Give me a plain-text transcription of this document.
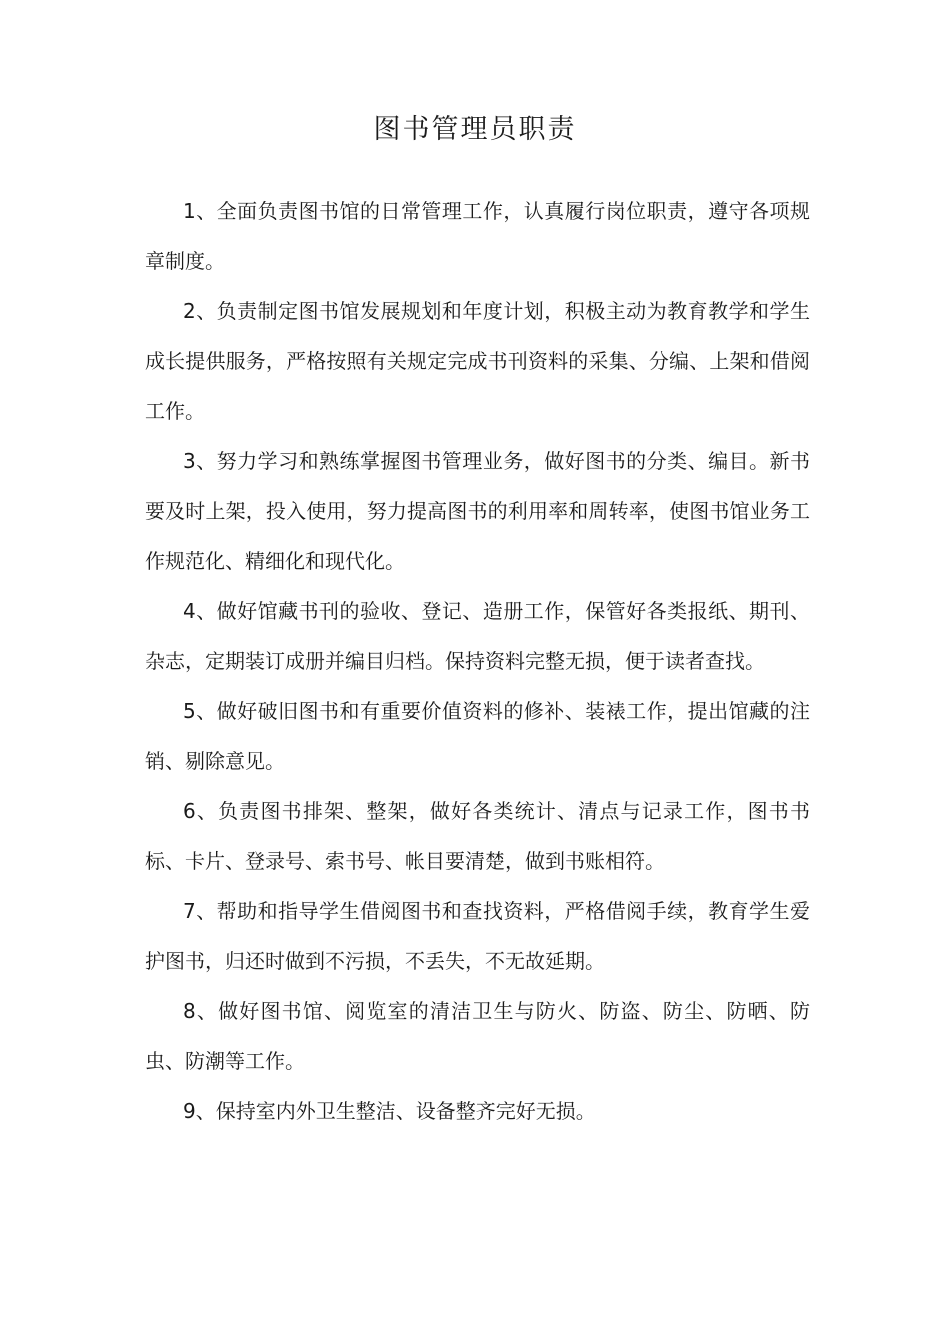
图书管理员职责
1、全面负责图书馆的日常管理工作，认真履行岗位职责，遵守各项规章制度。
2、负责制定图书馆发展规划和年度计划，积极主动为教育教学和学生成长提供服务，严格按照有关规定完成书刊资料的采集、分编、上架和借阅工作。
3、努力学习和熟练掌握图书管理业务，做好图书的分类、编目。新书要及时上架，投入使用，努力提高图书的利用率和周转率，使图书馆业务工作规范化、精细化和现代化。
4、做好馆藏书刊的验收、登记、造册工作，保管好各类报纸、期刊、杂志，定期装订成册并编目归档。保持资料完整无损，便于读者查找。
5、做好破旧图书和有重要价值资料的修补、装裱工作，提出馆藏的注销、剔除意见。
6、负责图书排架、整架，做好各类统计、清点与记录工作，图书书标、卡片、登录号、索书号、帐目要清楚，做到书账相符。
7、帮助和指导学生借阅图书和查找资料，严格借阅手续，教育学生爱护图书，归还时做到不污损，不丢失，不无故延期。
8、做好图书馆、阅览室的清洁卫生与防火、防盗、防尘、防晒、防虫、防潮等工作。
9、保持室内外卫生整洁、设备整齐完好无损。
